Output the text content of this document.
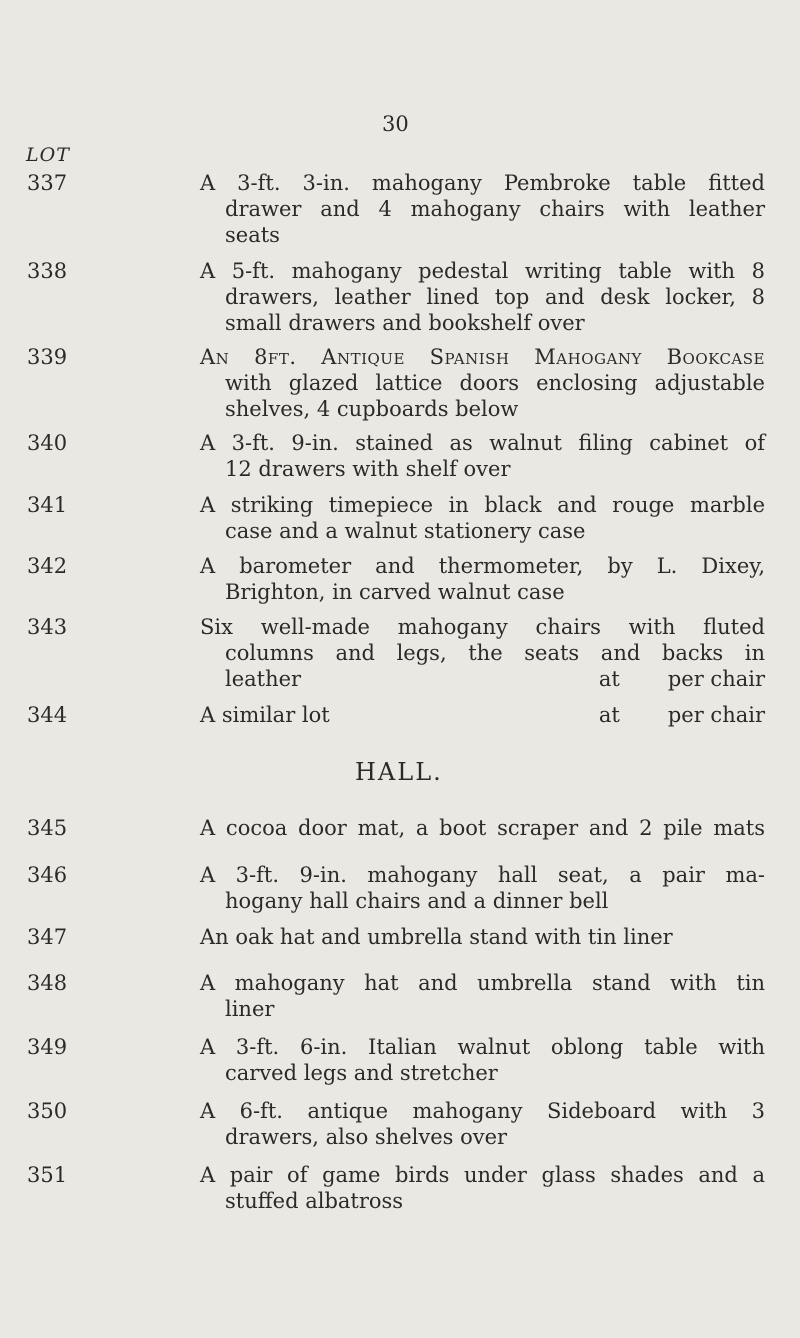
30
LOT
337	A 3-ft. 3-in. mahogany Pembroke table fitted
drawer and 4 mahogany chairs with leather
seats
338	A 5-ft. mahogany pedestal writing table with 8
drawers, leather lined top and desk locker, 8
small drawers and bookshelf over
339	An 8ft. Antique Spanish Mahogany Bookcase
with glazed lattice doors enclosing adjustable
shelves, 4 cupboards below
340	A 3-ft. 9-in. stained as walnut filing cabinet of
12 drawers with shelf over
341	A striking timepiece in black and rouge marble
case and a walnut stationery case
342	A barometer and thermometer, by L. Dixey,
Brighton, in carved walnut case
343	Six well-made mahogany chairs with fluted
columns and legs, the seats and backs in
leather	at per chair
344	A similar lot	at per chair
HALL.
345	A cocoa door mat, a boot scraper and 2 pile mats
346	A 3-ft. 9-in. mahogany hall seat, a pair ma-
hogany hall chairs and a dinner bell
347	An oak hat and umbrella stand with tin liner
348	A mahogany hat and umbrella stand with tin
liner
349	A 3-ft. 6-in. Italian walnut oblong table with
carved legs and stretcher
350	A 6-ft. antique mahogany Sideboard with 3
drawers, also shelves over
351	A pair of game birds under glass shades and a
stuffed albatross
